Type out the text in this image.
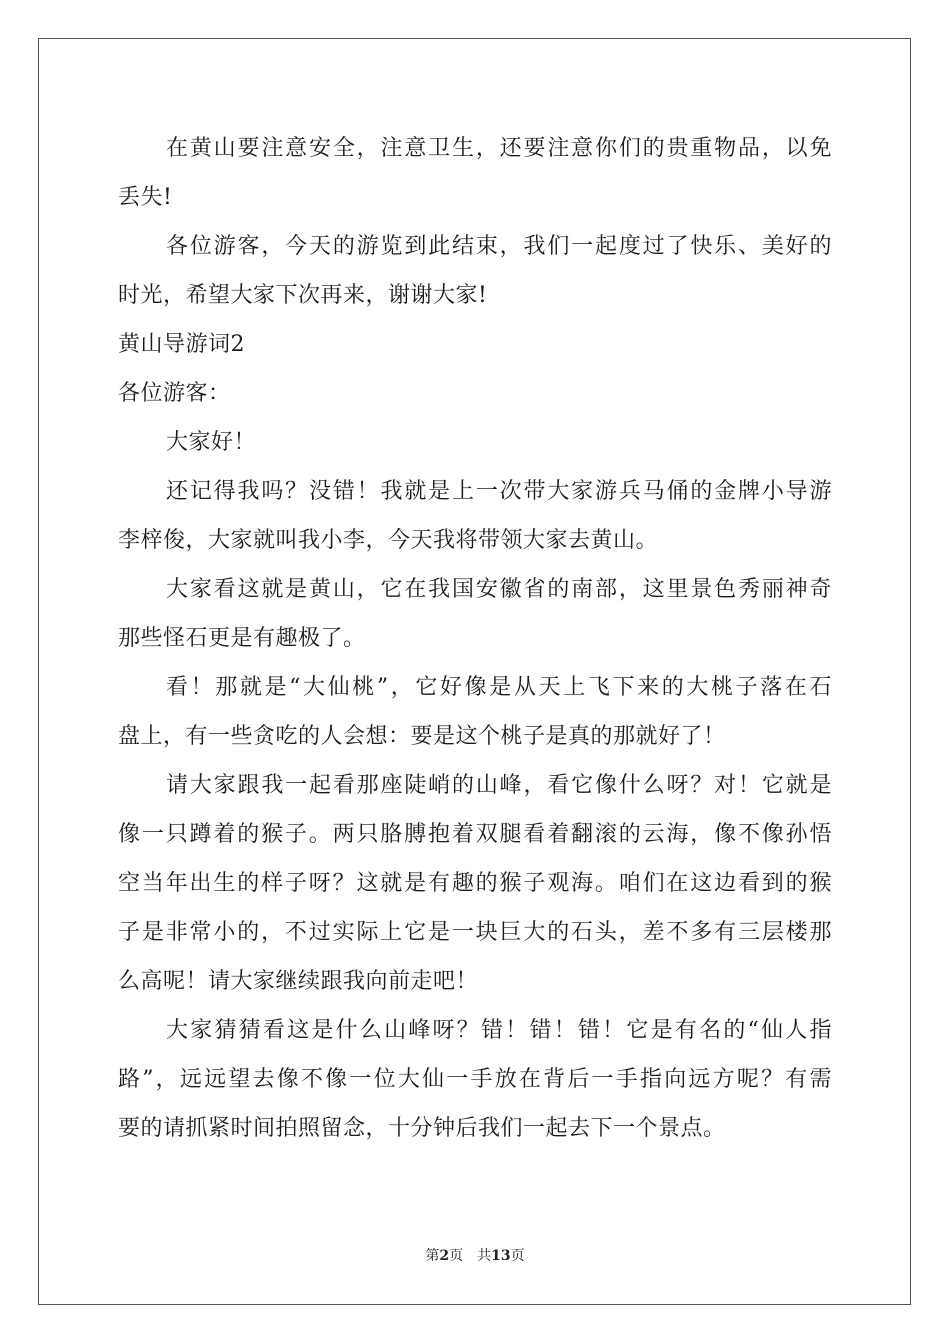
在黄山要注意安全，注意卫生，还要注意你们的贵重物品，以免
丢失!
各位游客，今天的游览到此结束，我们一起度过了快乐、美好的
时光，希望大家下次再来，谢谢大家!
黄山导游词2
各位游客：
大家好！
还记得我吗？没错！我就是上一次带大家游兵马俑的金牌小导游
李梓俊，大家就叫我小李，今天我将带领大家去黄山。
大家看这就是黄山，它在我国安徽省的南部，这里景色秀丽神奇
那些怪石更是有趣极了。
看！那就是“大仙桃”，它好像是从天上飞下来的大桃子落在石
盘上，有一些贪吃的人会想：要是这个桃子是真的那就好了！
请大家跟我一起看那座陡峭的山峰，看它像什么呀？对！它就是
像一只蹲着的猴子。两只胳膊抱着双腿看着翻滚的云海，像不像孙悟
空当年出生的样子呀？这就是有趣的猴子观海。咱们在这边看到的猴
子是非常小的，不过实际上它是一块巨大的石头，差不多有三层楼那
么高呢！请大家继续跟我向前走吧！
大家猜猜看这是什么山峰呀？错！错！错！它是有名的“仙人指
路”，远远望去像不像一位大仙一手放在背后一手指向远方呢？有需
要的请抓紧时间拍照留念，十分钟后我们一起去下一个景点。
第2页　共13页
